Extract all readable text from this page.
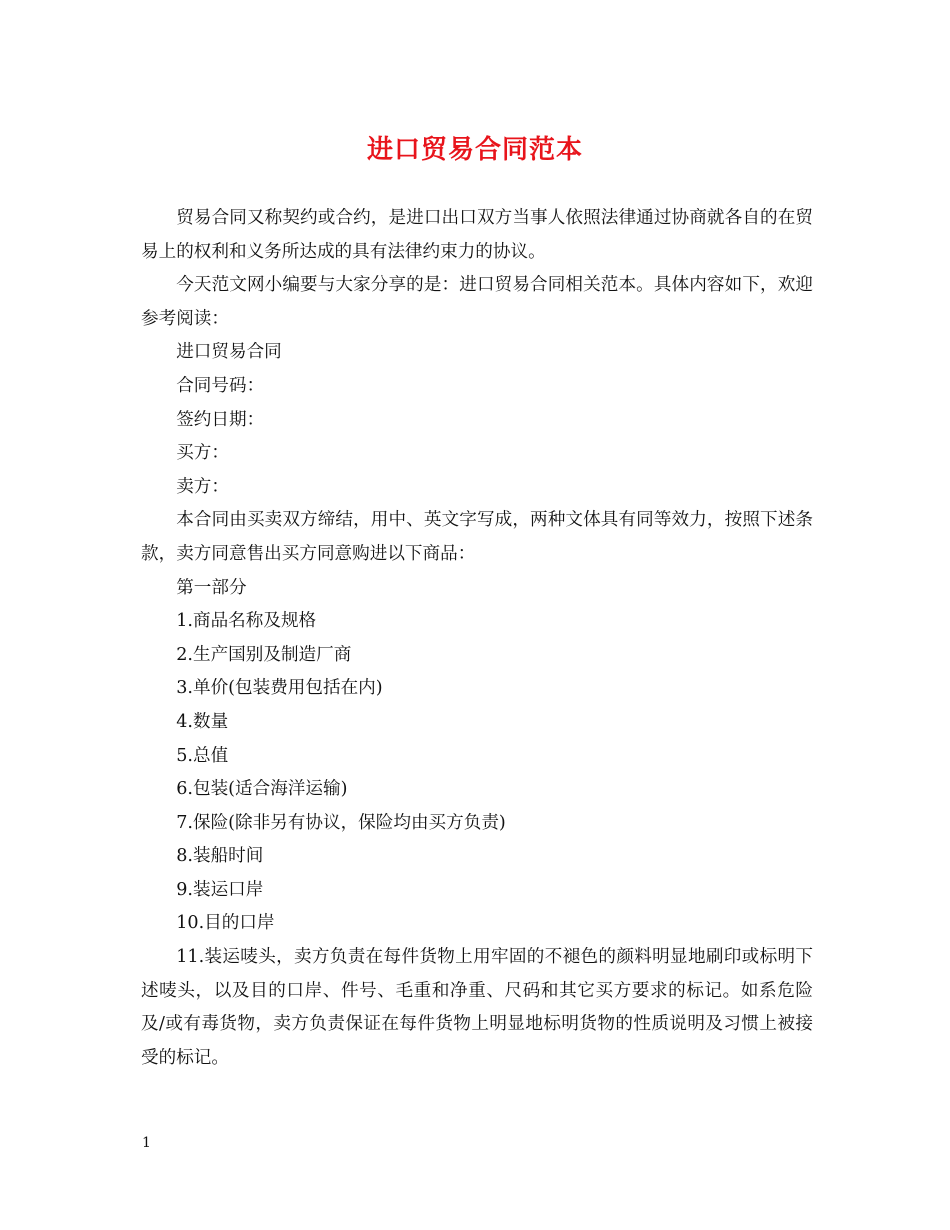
进口贸易合同范本

贸易合同又称契约或合约，是进口出口双方当事人依照法律通过协商就各自的在贸易上的权利和义务所达成的具有法律约束力的协议。

今天范文网小编要与大家分享的是：进口贸易合同相关范本。具体内容如下，欢迎参考阅读：

进口贸易合同

合同号码：

签约日期：

买方：

卖方：

本合同由买卖双方缔结，用中、英文字写成，两种文体具有同等效力，按照下述条款，卖方同意售出买方同意购进以下商品：

第一部分

1.商品名称及规格

2.生产国别及制造厂商

3.单价(包装费用包括在内)

4.数量

5.总值

6.包装(适合海洋运输)

7.保险(除非另有协议，保险均由买方负责)

8.装船时间

9.装运口岸

10.目的口岸

11.装运唛头，卖方负责在每件货物上用牢固的不褪色的颜料明显地刷印或标明下述唛头，以及目的口岸、件号、毛重和净重、尺码和其它买方要求的标记。如系危险及/或有毒货物，卖方负责保证在每件货物上明显地标明货物的性质说明及习惯上被接受的标记。

1
